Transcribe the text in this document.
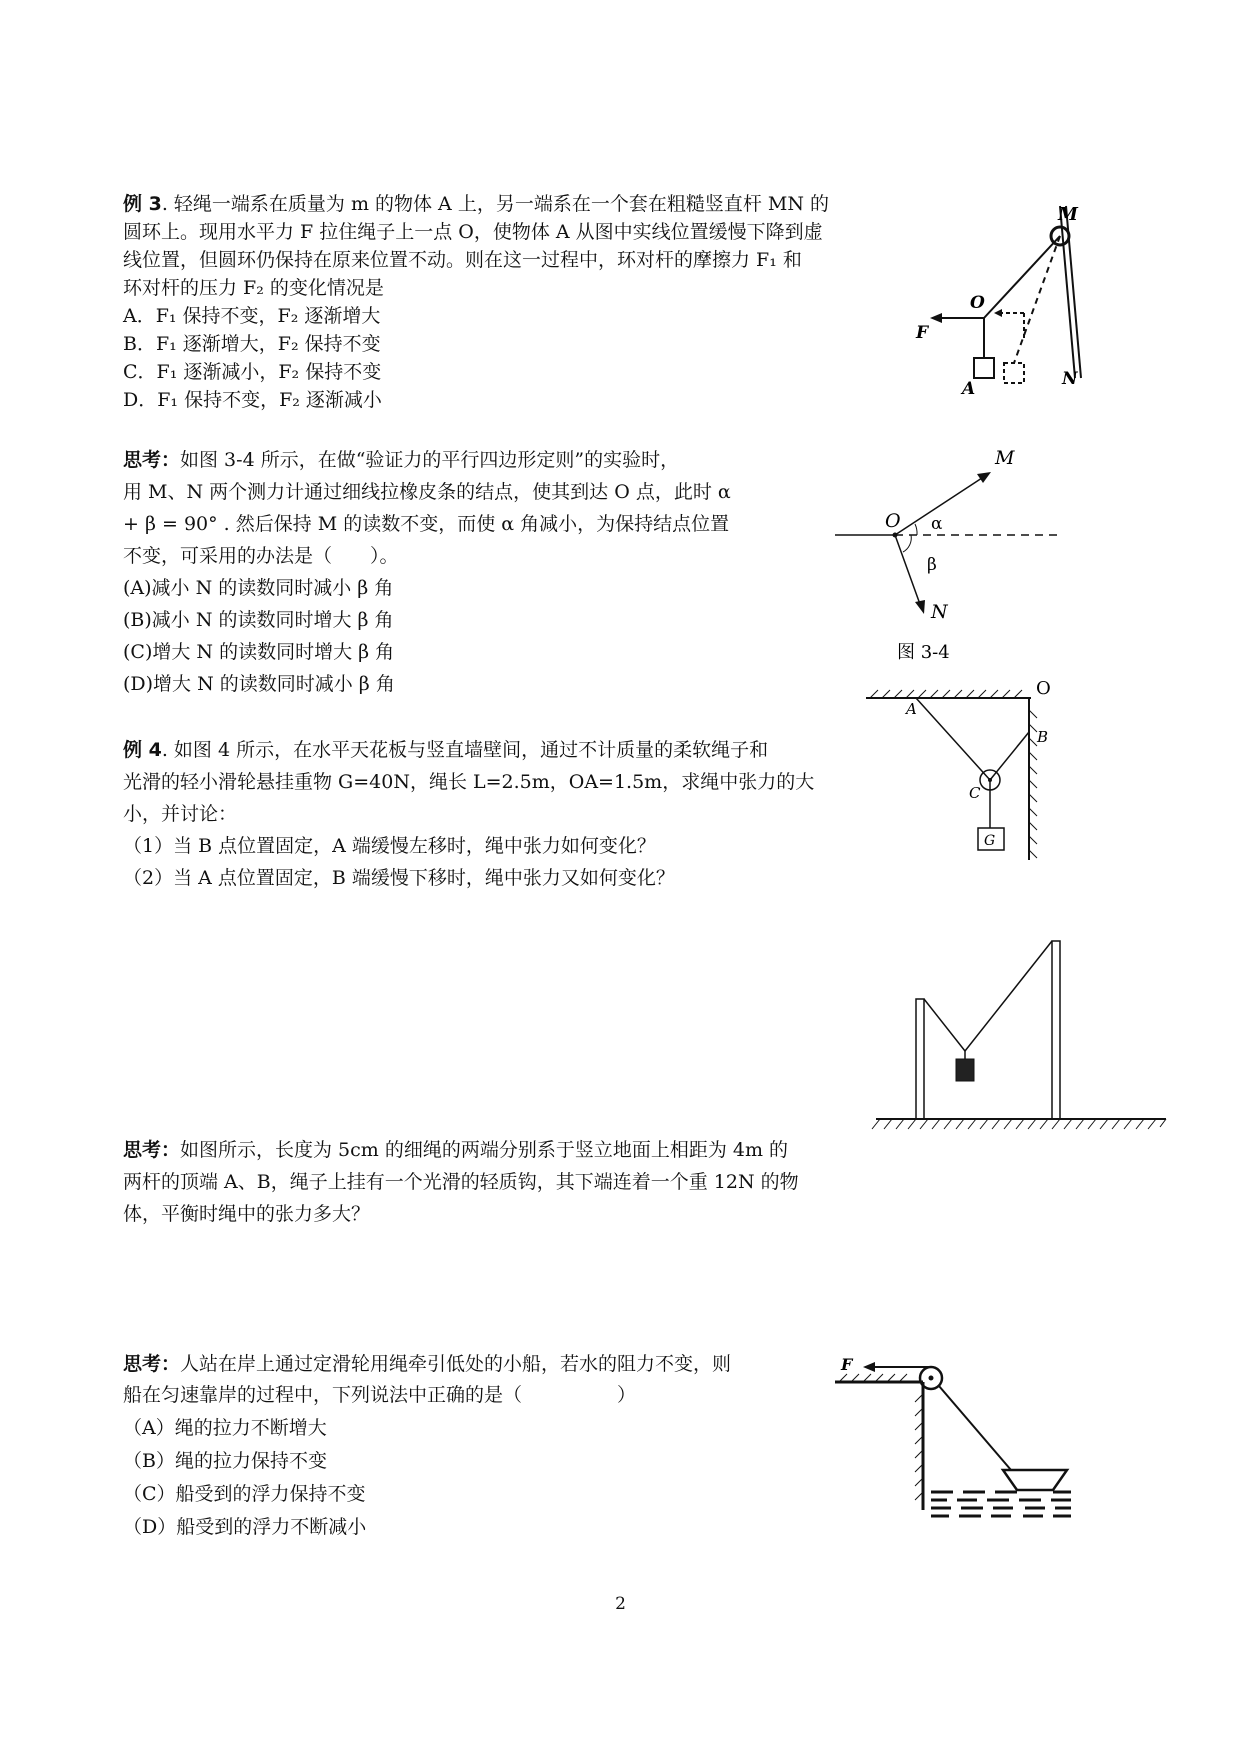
例 3. 轻绳一端系在质量为 m 的物体 A 上，另一端系在一个套在粗糙竖直杆 MN 的
圆环上。现用水平力 F 拉住绳子上一点 O，使物体 A 从图中实线位置缓慢下降到虚
线位置，但圆环仍保持在原来位置不动。则在这一过程中，环对杆的摩擦力 F₁ 和
环对杆的压力 F₂ 的变化情况是
A．F₁ 保持不变，F₂ 逐渐增大
B．F₁ 逐渐增大，F₂ 保持不变
C．F₁ 逐渐减小，F₂ 保持不变
D．F₁ 保持不变，F₂ 逐渐减小
M
O
F
A	N
思考：如图 3-4 所示，在做“验证力的平行四边形定则”的实验时，
用 M、N 两个测力计通过细线拉橡皮条的结点，使其到达 O 点，此时 α
+ β = 90° . 然后保持 M 的读数不变，而使 α 角减小，为保持结点位置
不变，可采用的办法是（　　）。
(A)减小 N 的读数同时减小 β 角
(B)减小 N 的读数同时增大 β 角
(C)增大 N 的读数同时增大 β 角
(D)增大 N 的读数同时减小 β 角
M
O α
β
N
图 3-4
例 4. 如图 4 所示，在水平天花板与竖直墙壁间，通过不计质量的柔软绳子和
光滑的轻小滑轮悬挂重物 G=40N，绳长 L=2.5m，OA=1.5m，求绳中张力的大
小，并讨论：
（1）当 B 点位置固定，A 端缓慢左移时，绳中张力如何变化？
（2）当 A 点位置固定，B 端缓慢下移时，绳中张力又如何变化？
A
O
B
C
G
思考：如图所示，长度为 5cm 的细绳的两端分别系于竖立地面上相距为 4m 的
两杆的顶端 A、B，绳子上挂有一个光滑的轻质钩，其下端连着一个重 12N 的物
体，平衡时绳中的张力多大？
思考：人站在岸上通过定滑轮用绳牵引低处的小船，若水的阻力不变，则
船在匀速靠岸的过程中，下列说法中正确的是（　　　　　）
（A）绳的拉力不断增大
（B）绳的拉力保持不变
（C）船受到的浮力保持不变
（D）船受到的浮力不断减小
F
2
